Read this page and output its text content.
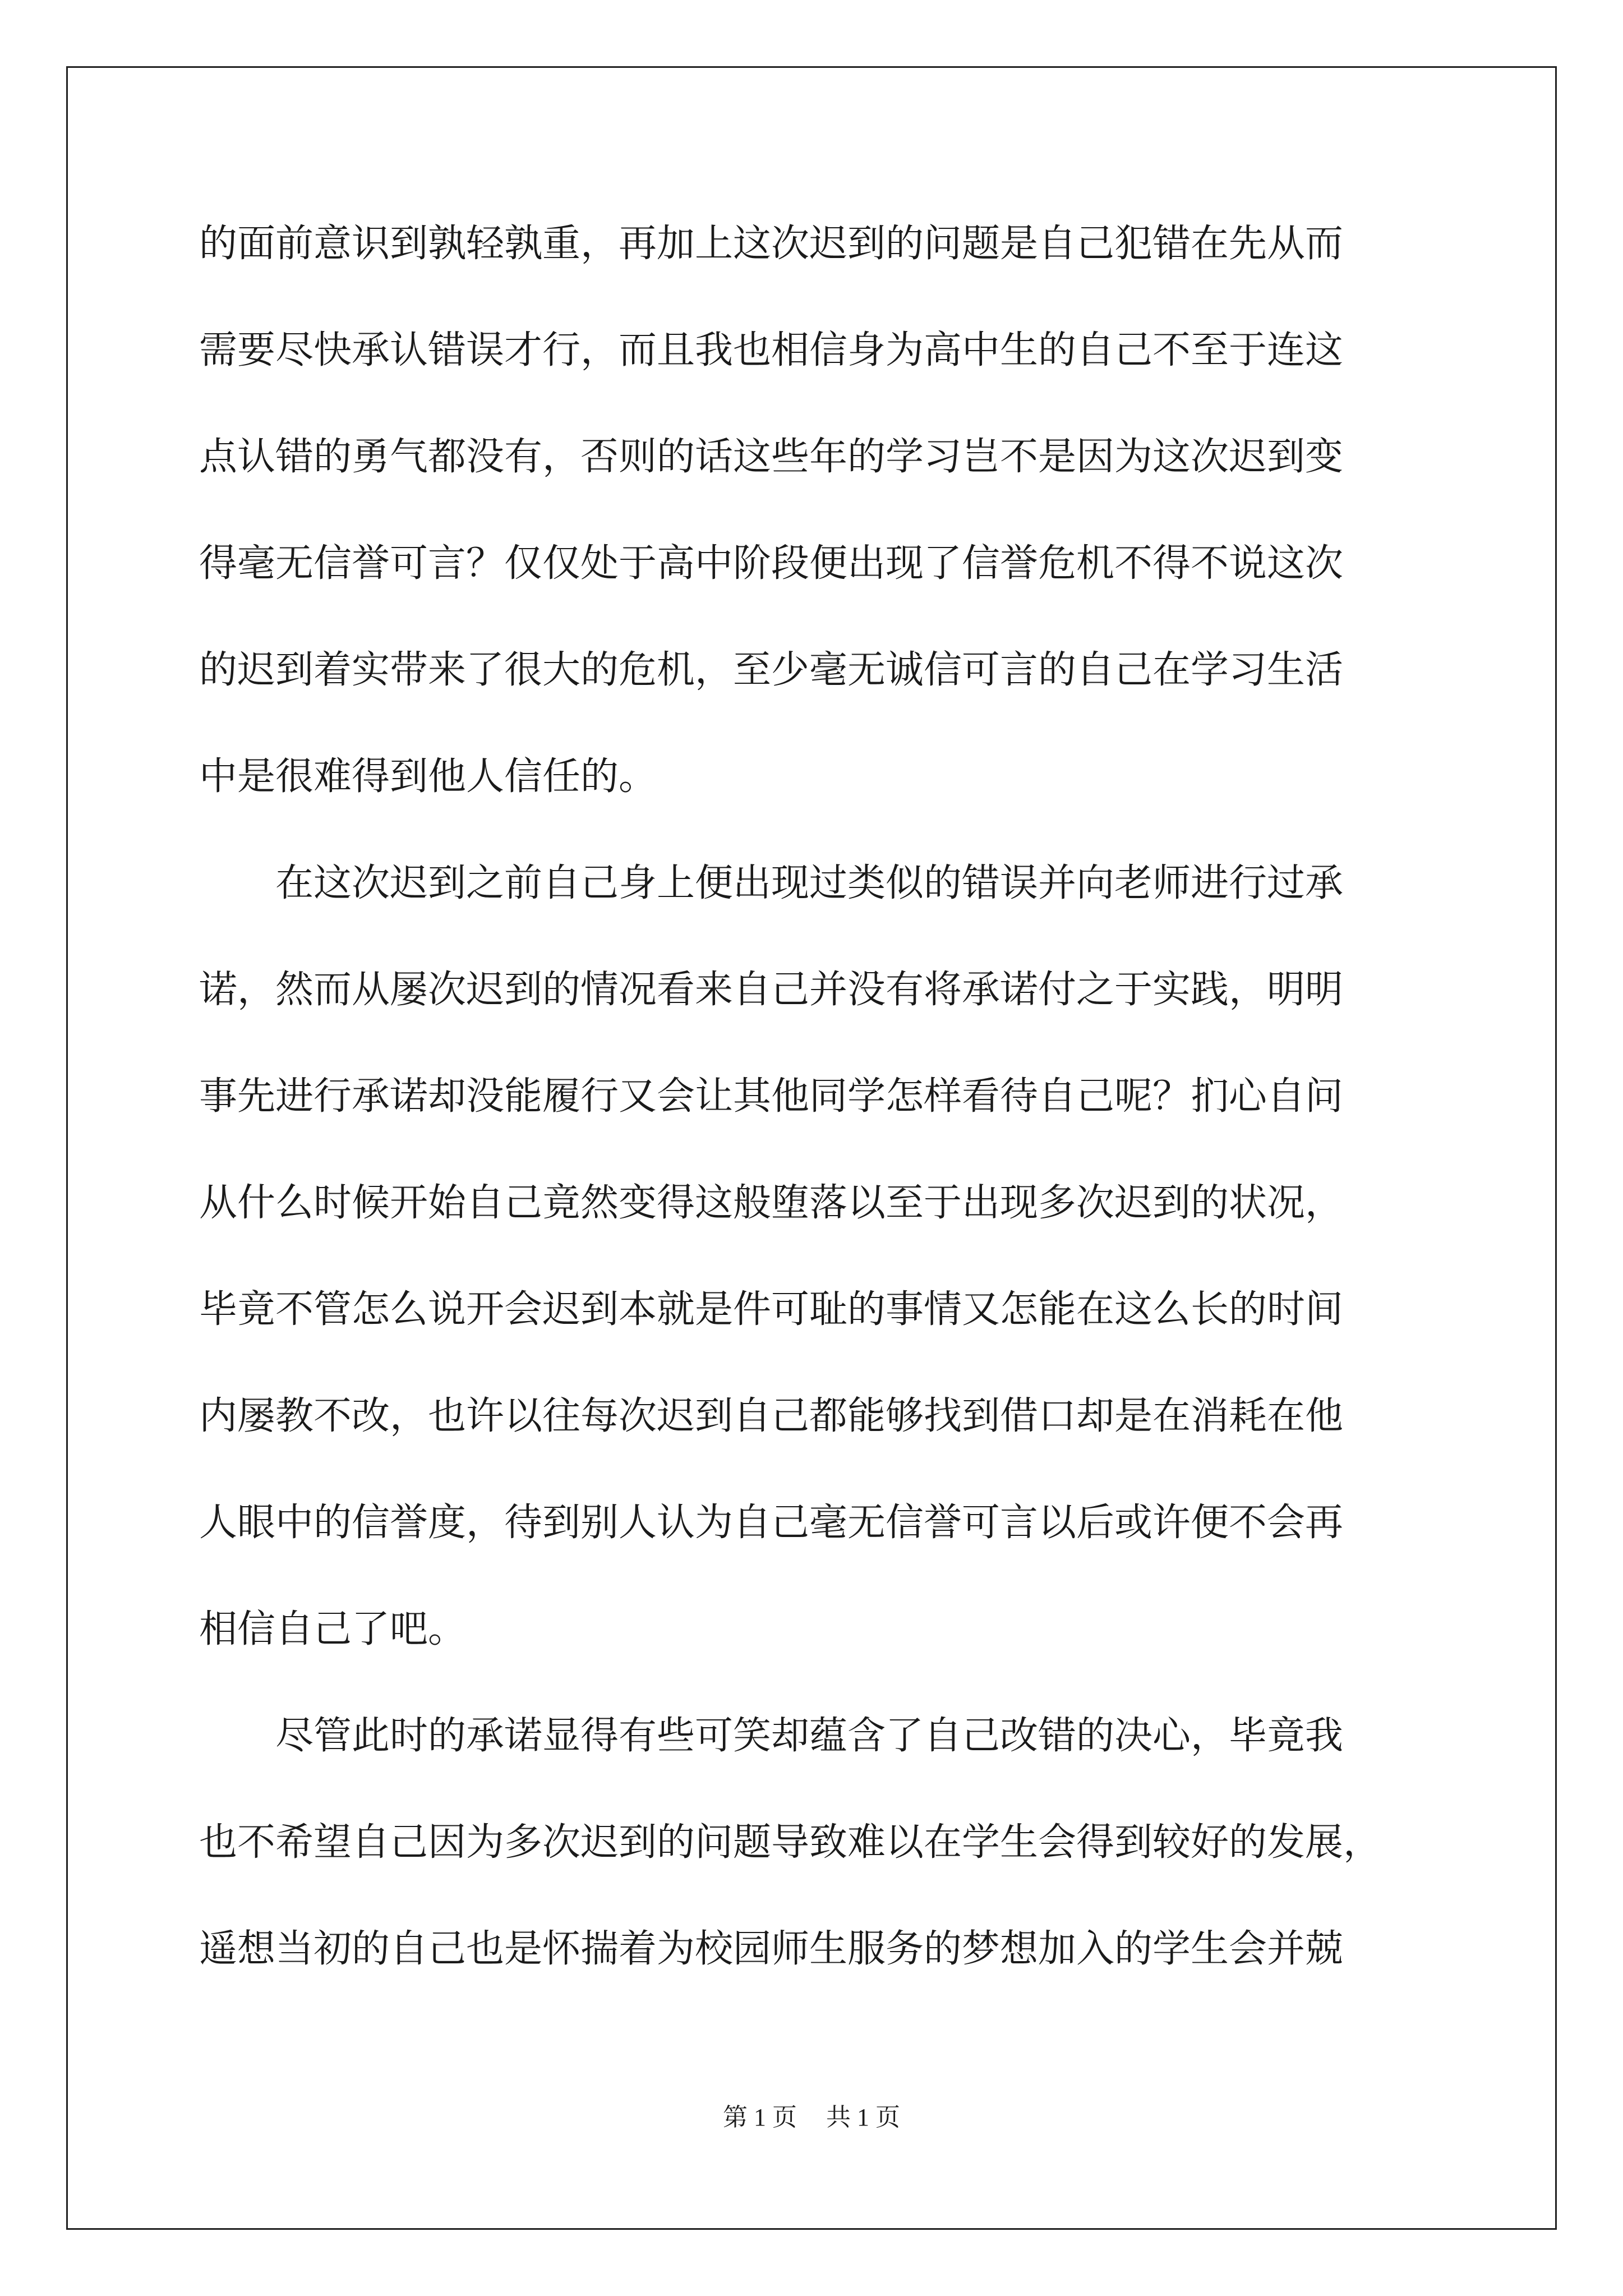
的面前意识到孰轻孰重，再加上这次迟到的问题是自己犯错在先从而
需要尽快承认错误才行，而且我也相信身为高中生的自己不至于连这
点认错的勇气都没有，否则的话这些年的学习岂不是因为这次迟到变
得毫无信誉可言？仅仅处于高中阶段便出现了信誉危机不得不说这次
的迟到着实带来了很大的危机，至少毫无诚信可言的自己在学习生活
中是很难得到他人信任的。
　　在这次迟到之前自己身上便出现过类似的错误并向老师进行过承
诺，然而从屡次迟到的情况看来自己并没有将承诺付之于实践，明明
事先进行承诺却没能履行又会让其他同学怎样看待自己呢？扪心自问
从什么时候开始自己竟然变得这般堕落以至于出现多次迟到的状况，
毕竟不管怎么说开会迟到本就是件可耻的事情又怎能在这么长的时间
内屡教不改，也许以往每次迟到自己都能够找到借口却是在消耗在他
人眼中的信誉度，待到别人认为自己毫无信誉可言以后或许便不会再
相信自己了吧。
　　尽管此时的承诺显得有些可笑却蕴含了自己改错的决心，毕竟我
也不希望自己因为多次迟到的问题导致难以在学生会得到较好的发展，
遥想当初的自己也是怀揣着为校园师生服务的梦想加入的学生会并兢
第 1 页 共 1 页
